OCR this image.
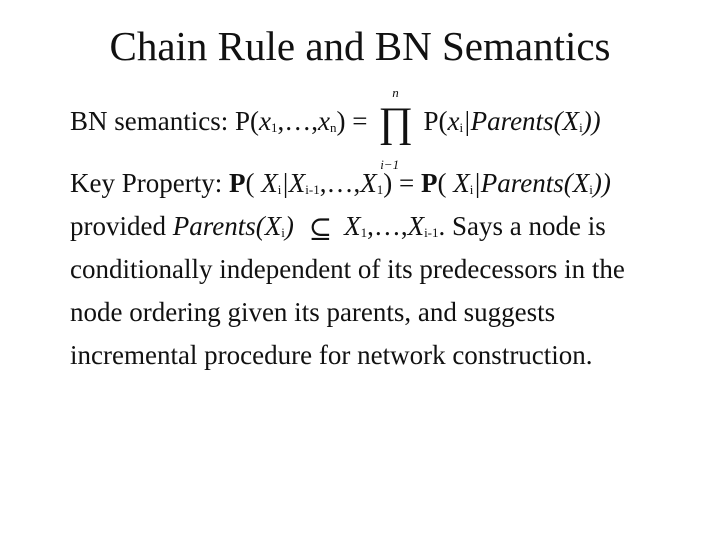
Chain Rule and BN Semantics
BN semantics: $P(x_1,\dots,x_n)$ = ∏
n
i−1
$P(x_i|Parents(X_i))$
Key Property: P( $X_i|X_{i-1},\dots,X_1) = P$( $X_i|Parents(X_i)$)
provided $Parents(X_i)$ ⊆ $X_1,\dots,X_{i-1}$. Says a node is
conditionally independent of its predecessors in the
node ordering given its parents, and suggests
incremental procedure for network construction.
